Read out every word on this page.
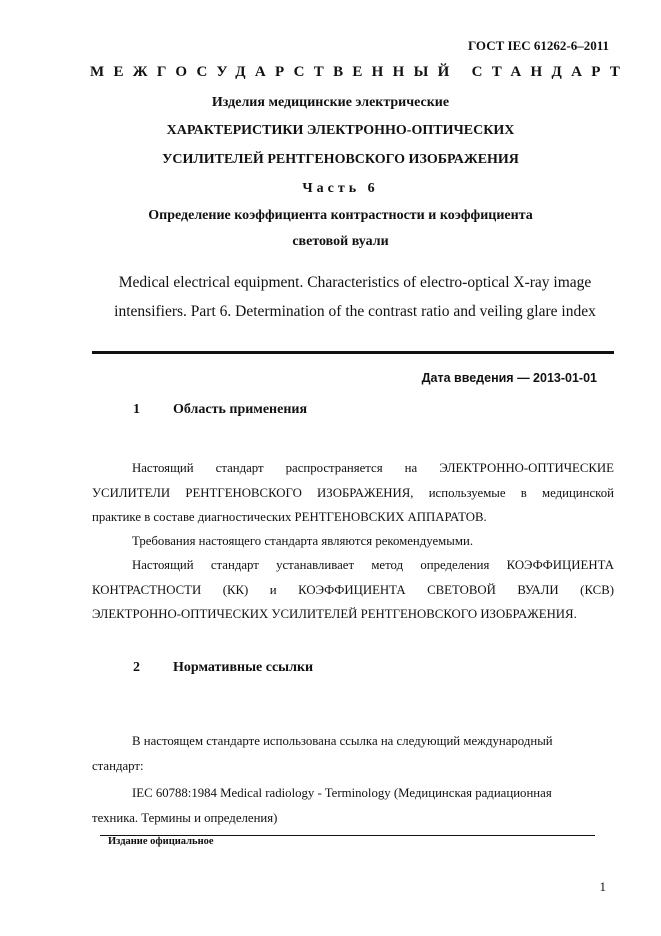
ГОСТ IEC 61262-6–2011
МЕЖГОСУДАРСТВЕННЫЙ СТАНДАРТ
Изделия медицинские электрические
ХАРАКТЕРИСТИКИ ЭЛЕКТРОННО-ОПТИЧЕСКИХ
УСИЛИТЕЛЕЙ РЕНТГЕНОВСКОГО ИЗОБРАЖЕНИЯ
Часть 6
Определение коэффициента контрастности и коэффициента
световой вуали
Medical electrical equipment. Characteristics of electro-optical X-ray image
intensifiers. Part 6. Determination of the contrast ratio and veiling glare index
Дата введения — 2013-01-01
1 Область применения
Настоящий стандарт распространяется на ЭЛЕКТРОННО-ОПТИЧЕСКИЕ
УСИЛИТЕЛИ РЕНТГЕНОВСКОГО ИЗОБРАЖЕНИЯ, используемые в медицинской
практике в составе диагностических РЕНТГЕНОВСКИХ АППАРАТОВ.
Требования настоящего стандарта являются рекомендуемыми.
Настоящий стандарт устанавливает метод определения КОЭФФИЦИЕНТА
КОНТРАСТНОСТИ (КК) и КОЭФФИЦИЕНТА СВЕТОВОЙ ВУАЛИ (КСВ)
ЭЛЕКТРОННО-ОПТИЧЕСКИХ УСИЛИТЕЛЕЙ РЕНТГЕНОВСКОГО ИЗОБРАЖЕНИЯ.
2 Нормативные ссылки
В настоящем стандарте использована ссылка на следующий международный
стандарт:
IEC 60788:1984 Medical radiology - Terminology (Медицинская радиационная
техника. Термины и определения)
Издание официальное
1
